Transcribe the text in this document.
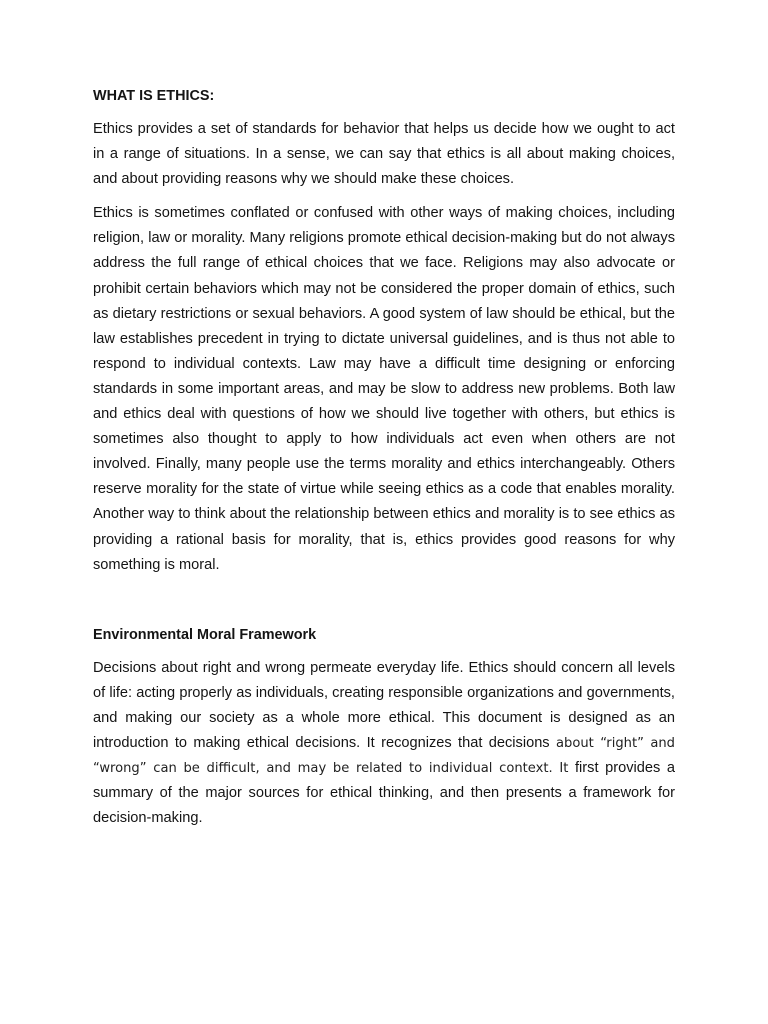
WHAT IS ETHICS:

Ethics provides a set of standards for behavior that helps us decide how we ought to act in a range of situations. In a sense, we can say that ethics is all about making choices, and about providing reasons why we should make these choices.

Ethics is sometimes conflated or confused with other ways of making choices, including religion, law or morality. Many religions promote ethical decision-making but do not always address the full range of ethical choices that we face. Religions may also advocate or prohibit certain behaviors which may not be considered the proper domain of ethics, such as dietary restrictions or sexual behaviors. A good system of law should be ethical, but the law establishes precedent in trying to dictate universal guidelines, and is thus not able to respond to individual contexts. Law may have a difficult time designing or enforcing standards in some important areas, and may be slow to address new problems. Both law and ethics deal with questions of how we should live together with others, but ethics is sometimes also thought to apply to how individuals act even when others are not involved. Finally, many people use the terms morality and ethics interchangeably. Others reserve morality for the state of virtue while seeing ethics as a code that enables morality. Another way to think about the relationship between ethics and morality is to see ethics as providing a rational basis for morality, that is, ethics provides good reasons for why something is moral.

Environmental Moral Framework

Decisions about right and wrong permeate everyday life. Ethics should concern all levels of life: acting properly as individuals, creating responsible organizations and governments, and making our society as a whole more ethical. This document is designed as an introduction to making ethical decisions. It recognizes that decisions about “right” and “wrong” can be difficult, and may be related to individual context. It first provides a summary of the major sources for ethical thinking, and then presents a framework for decision-making.
